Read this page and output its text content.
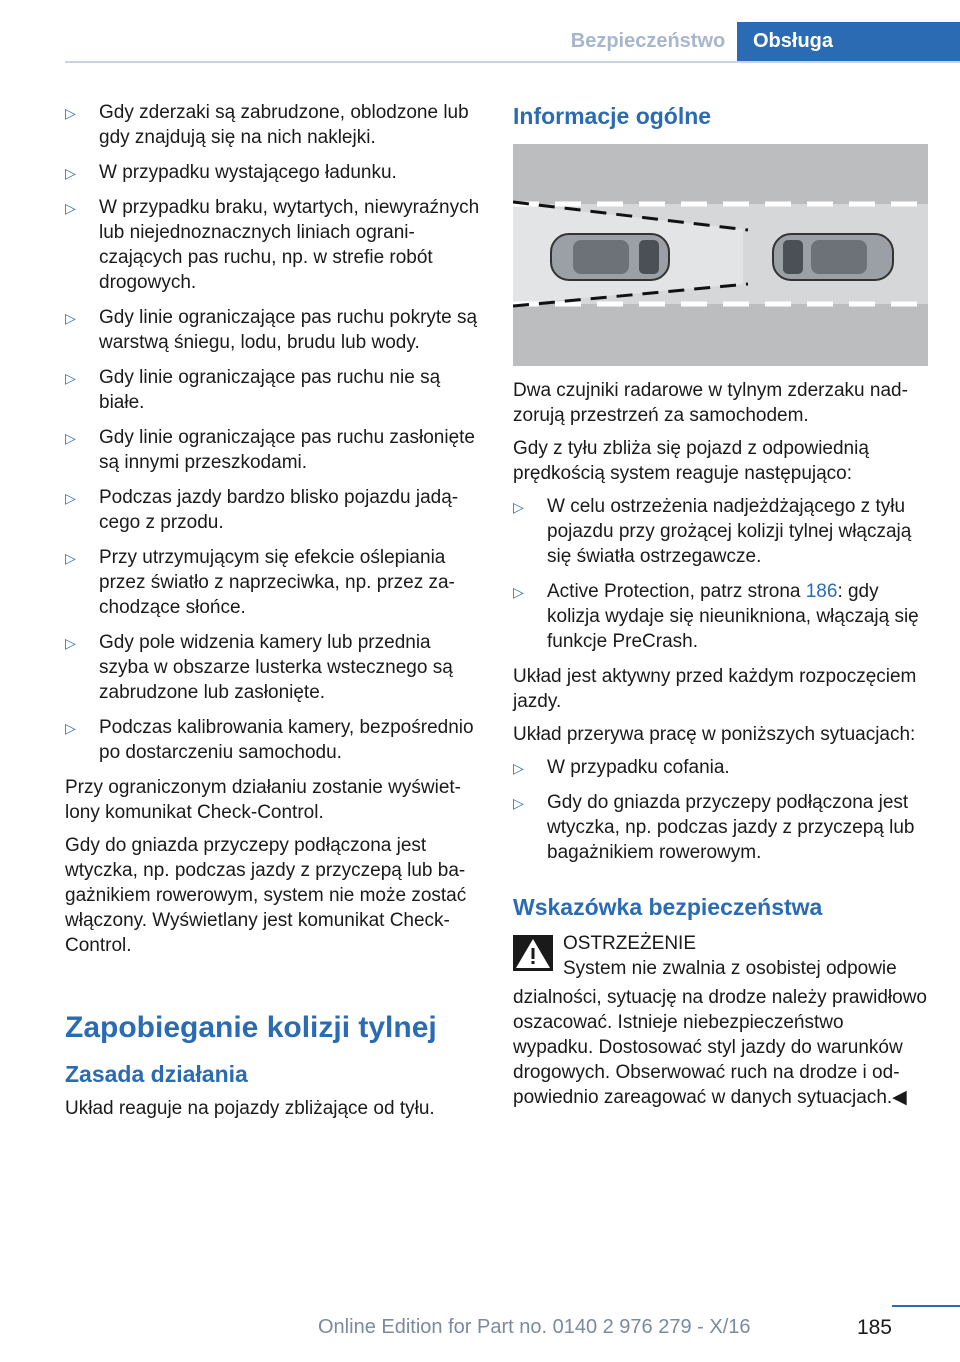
Bezpieczeństwo	Obsługa
▷ Gdy zderzaki są zabrudzone, oblodzone lub gdy znajdują się na nich naklejki.
▷ W przypadku wystającego ładunku.
▷ W przypadku braku, wytartych, niewyraźnych lub niejednoznacznych liniach ograniczających pas ruchu, np. w strefie robót drogowych.
▷ Gdy linie ograniczające pas ruchu pokryte są warstwą śniegu, lodu, brudu lub wody.
▷ Gdy linie ograniczające pas ruchu nie są białe.
▷ Gdy linie ograniczające pas ruchu zasłonięte są innymi przeszkodami.
▷ Podczas jazdy bardzo blisko pojazdu jadącego z przodu.
▷ Przy utrzymującym się efekcie oślepiania przez światło z naprzeciwka, np. przez zachodzące słońce.
▷ Gdy pole widzenia kamery lub przednia szyba w obszarze lusterka wstecznego są zabrudzone lub zasłonięte.
▷ Podczas kalibrowania kamery, bezpośrednio po dostarczeniu samochodu.

Przy ograniczonym działaniu zostanie wyświetlony komunikat Check-Control.

Gdy do gniazda przyczepy podłączona jest wtyczka, np. podczas jazdy z przyczepą lub bagażnikiem rowerowym, system nie może zostać włączony. Wyświetlany jest komunikat Check-Control.

Zapobieganie kolizji tylnej
Zasada działania

Układ reaguje na pojazdy zbliżające od tyłu.

Informacje ogólne

Dwa czujniki radarowe w tylnym zderzaku nadzorują przestrzeń za samochodem.

Gdy z tyłu zbliża się pojazd z odpowiednią prędkością system reaguje następująco:

▷ W celu ostrzeżenia nadjeżdżającego z tyłu pojazdu przy grożącej kolizji tylnej włączają się światła ostrzegawcze.
▷ Active Protection, patrz strona 186: gdy kolizja wydaje się nieunikniona, włączają się funkcje PreCrash.

Układ jest aktywny przed każdym rozpoczęciem jazdy.

Układ przerywa pracę w poniższych sytuacjach:

▷ W przypadku cofania.
▷ Gdy do gniazda przyczepy podłączona jest wtyczka, np. podczas jazdy z przyczepą lub bagażnikiem rowerowym.
Wskazówka bezpieczeństwa
OSTRZEŻENIE
System nie zwalnia z osobistej odpowie

dzialności, sytuację na drodze należy prawidłowo oszacować. Istnieje niebezpieczeństwo wypadku. Dostosować styl jazdy do warunków drogowych. Obserwować ruch na drodze i odpowiednio zareagować w danych sytuacjach.◀

Online Edition for Part no. 0140 2 976 279 - X/16	185
